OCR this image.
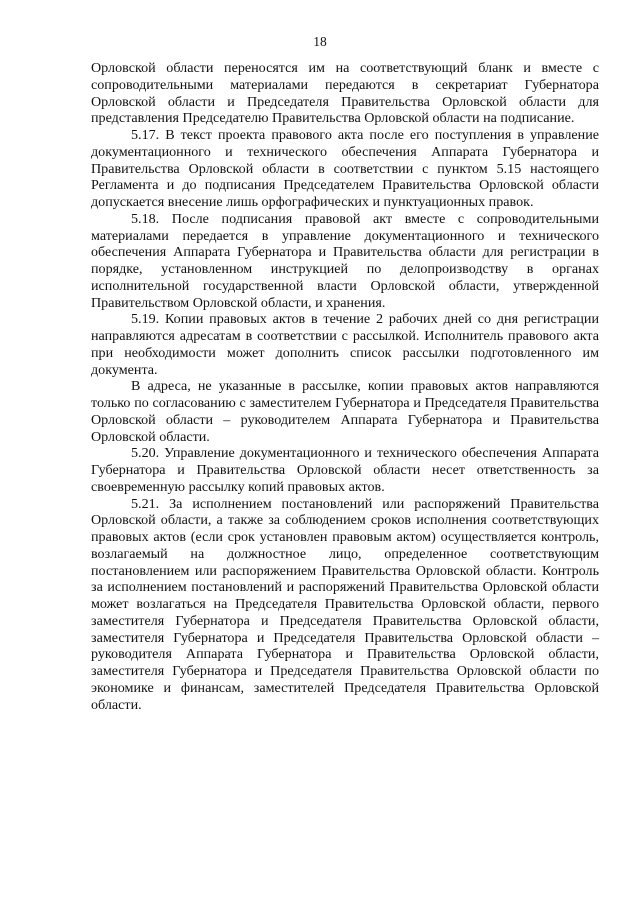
18

Орловской области переносятся им на соответствующий бланк и вместе с сопроводительными материалами передаются в секретариат Губернатора Орловской области и Председателя Правительства Орловской области для представления Председателю Правительства Орловской области на подписание.

5.17. В текст проекта правового акта после его поступления в управление документационного и технического обеспечения Аппарата Губернатора и Правительства Орловской области в соответствии с пунктом 5.15 настоящего Регламента и до подписания Председателем Правительства Орловской области допускается внесение лишь орфографических и пунктуационных правок.

5.18. После подписания правовой акт вместе с сопроводительными материалами передается в управление документационного и технического обеспечения Аппарата Губернатора и Правительства области для регистрации в порядке, установленном инструкцией по делопроизводству в органах исполнительной государственной власти Орловской области, утвержденной Правительством Орловской области, и хранения.

5.19. Копии правовых актов в течение 2 рабочих дней со дня регистрации направляются адресатам в соответствии с рассылкой. Исполнитель правового акта при необходимости может дополнить список рассылки подготовленного им документа.

В адреса, не указанные в рассылке, копии правовых актов направляются только по согласованию с заместителем Губернатора и Председателя Правительства Орловской области – руководителем Аппарата Губернатора и Правительства Орловской области.

5.20. Управление документационного и технического обеспечения Аппарата Губернатора и Правительства Орловской области несет ответственность за своевременную рассылку копий правовых актов.

5.21. За исполнением постановлений или распоряжений Правительства Орловской области, а также за соблюдением сроков исполнения соответствующих правовых актов (если срок установлен правовым актом) осуществляется контроль, возлагаемый на должностное лицо, определенное соответствующим постановлением или распоряжением Правительства Орловской области. Контроль за исполнением постановлений и распоряжений Правительства Орловской области может возлагаться на Председателя Правительства Орловской области, первого заместителя Губернатора и Председателя Правительства Орловской области, заместителя Губернатора и Председателя Правительства Орловской области – руководителя Аппарата Губернатора и Правительства Орловской области, заместителя Губернатора и Председателя Правительства Орловской области по экономике и финансам, заместителей Председателя Правительства Орловской области.
